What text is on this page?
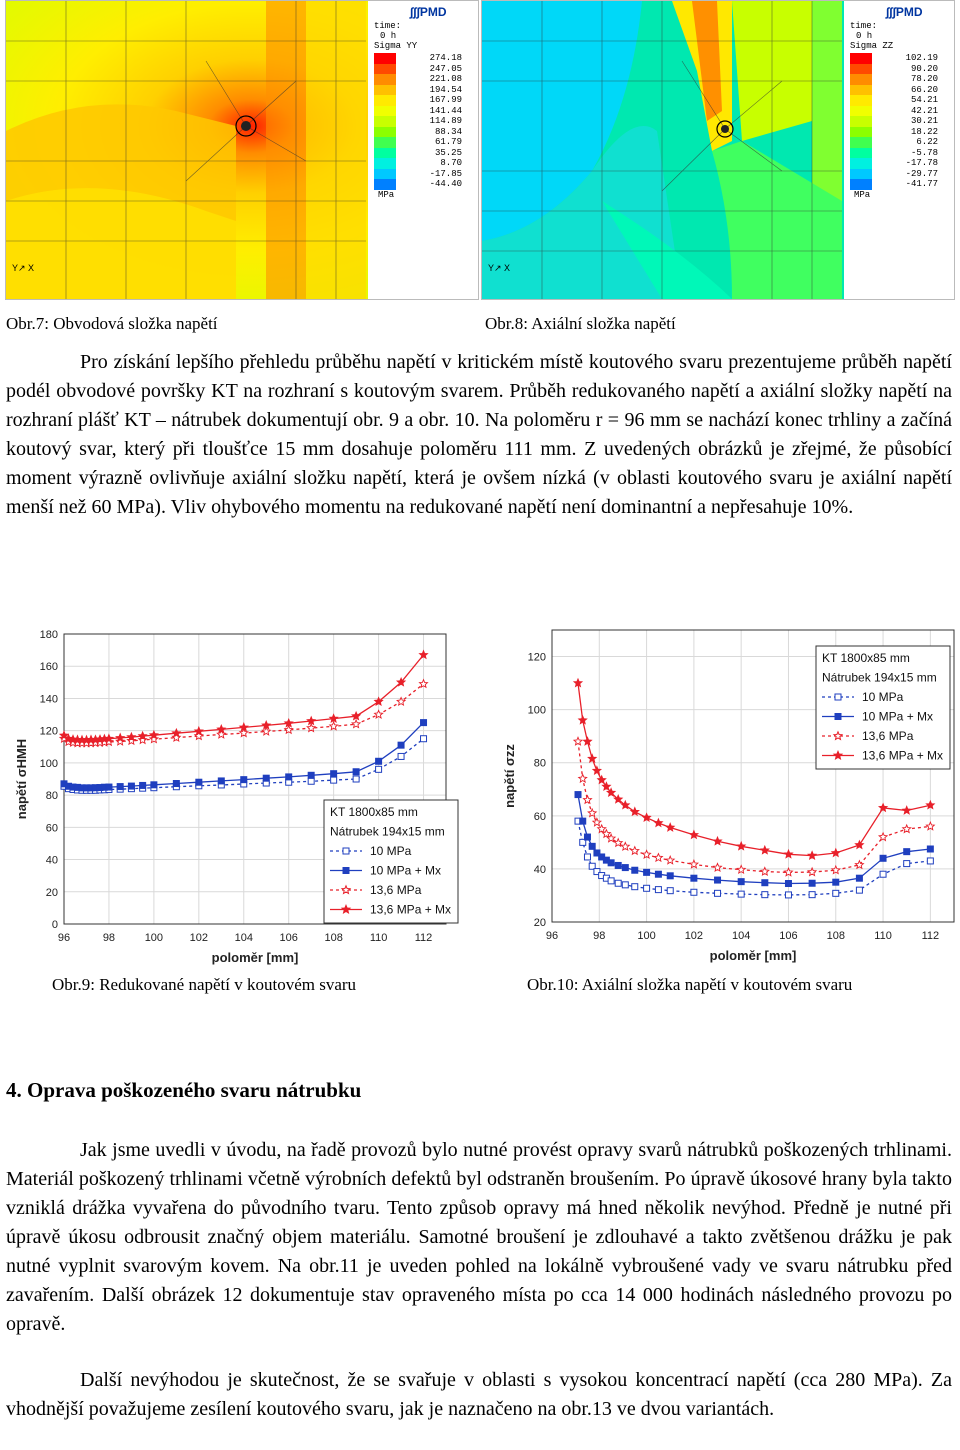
∫∫∫PMD
time:
0 h
Sigma YY
274.18
247.05
221.08
194.54
167.99
141.44
114.89
88.34
61.79
35.25
8.70
-17.85
-44.40
MPa
Y↗ X
∫∫∫PMD
time:
0 h
Sigma ZZ
102.19
90.20
78.20
66.20
54.21
42.21
30.21
18.22
6.22
-5.78
-17.78
-29.77
-41.77
MPa
Y↗ X
Obr.7: Obvodová složka napětí	Obr.8: Axiální složka napětí
Pro získání lepšího přehledu průběhu napětí v kritickém místě koutového svaru prezentujeme průběh napětí podél obvodové površky KT na rozhraní s koutovým svarem. Průběh redukovaného napětí a axiální složky napětí na rozhraní plášť KT – nátrubek dokumentují obr. 9 a obr. 10. Na poloměru r = 96 mm se nachází konec trhliny a začíná koutový svar, který při tloušťce 15 mm dosahuje poloměru 111 mm. Z uvedených obrázků je zřejmé, že působící moment výrazně ovlivňuje axiální složku napětí, která je ovšem nízká (v oblasti koutového svaru je axiální napětí menší než 60 MPa). Vliv ohybového momentu na redukované napětí není dominantní a nepřesahuje 10%.
0
20
40
60
80
100
120
140
160
180
96	98	100 102 104 106 108 110 112
poloměr [mm]
napětí σHMH	KT 1800x85 mm
Nátrubek 194x15 mm
10 MPa
10 MPa + Mx
13,6 MPa
13,6 MPa + Mx
20
40
60
80
100
120
96	98	100	102	104	106	108	110	112
poloměr [mm]
napětí σzz
KT 1800x85 mm
Nátrubek 194x15 mm
10 MPa
10 MPa + Mx
13,6 MPa
13,6 MPa + Mx
Obr.9: Redukované napětí v koutovém svaru	Obr.10: Axiální složka napětí v koutovém svaru
4. Oprava poškozeného svaru nátrubku
Jak jsme uvedli v úvodu, na řadě provozů bylo nutné provést opravy svarů nátrubků poškozených trhlinami. Materiál poškozený trhlinami včetně výrobních defektů byl odstraněn broušením. Po úpravě úkosové hrany byla takto vzniklá drážka vyvařena do původního tvaru. Tento způsob opravy má hned několik nevýhod. Předně je nutné při úpravě úkosu odbrousit značný objem materiálu. Samotné broušení je zdlouhavé a takto zvětšenou drážku je pak nutné vyplnit svarovým kovem. Na obr.11 je uveden pohled na lokálně vybroušené vady ve svaru nátrubku před zavařením. Další obrázek 12 dokumentuje stav opraveného místa po cca 14 000 hodinách následného provozu po opravě.
Další nevýhodou je skutečnost, že se svařuje v oblasti s vysokou koncentrací napětí (cca 280 MPa). Za vhodnější považujeme zesílení koutového svaru, jak je naznačeno na obr.13 ve dvou variantách.
